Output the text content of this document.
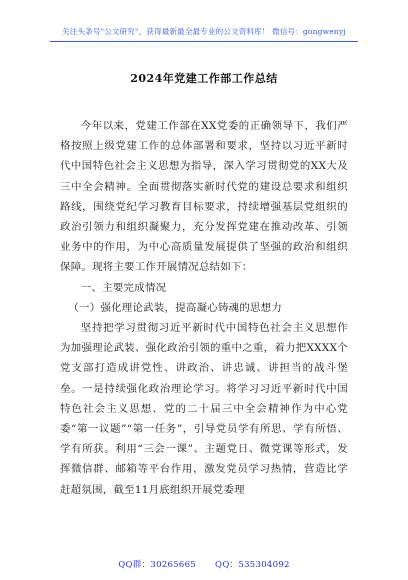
关注头条号"公文研究"，获得最新最全最专业的公文资料库！ 微信号：gongwenyj
2024年党建工作部工作总结

今年以来，党建工作部在XX党委的正确领导下，我们严格按照上级党建工作的总体部署和要求，坚持以习近平新时代中国特色社会主义思想为指导，深入学习贯彻党的XX大及三中全会精神。全面贯彻落实新时代党的建设总要求和组织路线，围绕党纪学习教育目标要求，持续增强基层党组织的政治引领力和组织凝聚力，充分发挥党建在推动改革、引领业务中的作用，为中心高质量发展提供了坚强的政治和组织保障。现将主要工作开展情况总结如下：

一、主要完成情况

（一）强化理论武装，提高凝心铸魂的思想力

坚持把学习贯彻习近平新时代中国特色社会主义思想作为加强理论武装、强化政治引领的重中之重，着力把XXXX个党支部打造成讲党性、讲政治、讲忠诚、讲担当的战斗堡垒。一是持续强化政治理论学习。将学习习近平新时代中国特色社会主义思想、党的二十届三中全会精神作为中心党委“第一议题”“第一任务”，引导党员学有所思、学有所悟、学有所获。利用“三会一课”、主题党日、微党课等形式，发挥微信群、邮箱等平台作用，激发党员学习热情，营造比学赶超氛围，截至11月底组织开展党委理

QQ群：30265665 QQ：535304092
